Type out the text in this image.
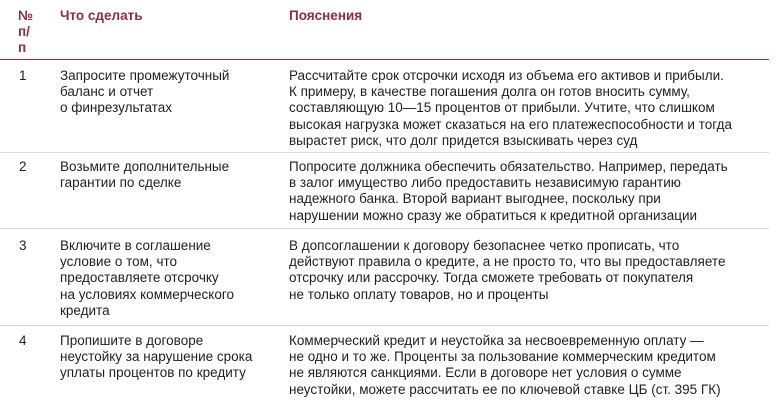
№
п/
п
Что сделать	Пояснения
1 Запросите промежуточный
баланс и отчет
о финрезультатах
Рассчитайте срок отсрочки исходя из объема его активов и прибыли.
К примеру, в качестве погашения долга он готов вносить сумму,
составляющую 10—15 процентов от прибыли. Учтите, что слишком
высокая нагрузка может сказаться на его платежеспособности и тогда
вырастет риск, что долг придется взыскивать через суд
2 Возьмите дополнительные
гарантии по сделке
Попросите должника обеспечить обязательство. Например, передать
в залог имущество либо предоставить независимую гарантию
надежного банка. Второй вариант выгоднее, поскольку при
нарушении можно сразу же обратиться к кредитной организации
3 Включите в соглашение
условие о том, что
предоставляете отсрочку
на условиях коммерческого
кредита
В допсоглашении к договору безопаснее четко прописать, что
действуют правила о кредите, а не просто то, что вы предоставляете
отсрочку или рассрочку. Тогда сможете требовать от покупателя
не только оплату товаров, но и проценты
4 Пропишите в договоре
неустойку за нарушение срока
уплаты процентов по кредиту
Коммерческий кредит и неустойка за несвоевременную оплату —
не одно и то же. Проценты за пользование коммерческим кредитом
не являются санкциями. Если в договоре нет условия о сумме
неустойки, можете рассчитать ее по ключевой ставке ЦБ (ст. 395 ГК)
